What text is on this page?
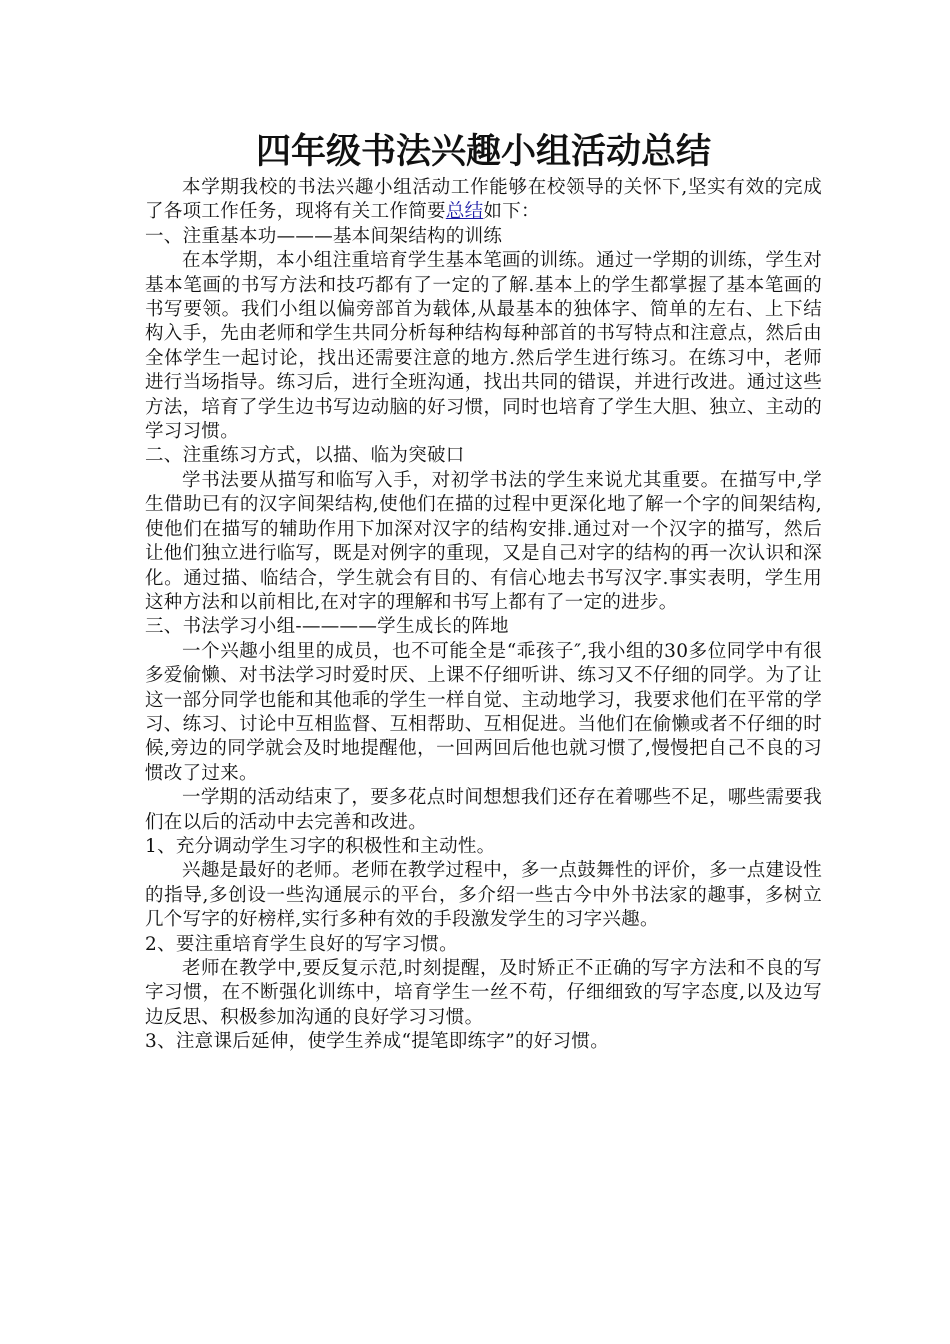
四年级书法兴趣小组活动总结

本学期我校的书法兴趣小组活动工作能够在校领导的关怀下,坚实有效的完成了各项工作任务，现将有关工作简要总结如下：

一、注重基本功———基本间架结构的训练

在本学期，本小组注重培育学生基本笔画的训练。通过一学期的训练，学生对基本笔画的书写方法和技巧都有了一定的了解.基本上的学生都掌握了基本笔画的书写要领。我们小组以偏旁部首为载体,从最基本的独体字、简单的左右、上下结构入手，先由老师和学生共同分析每种结构每种部首的书写特点和注意点，然后由全体学生一起讨论，找出还需要注意的地方.然后学生进行练习。在练习中，老师进行当场指导。练习后，进行全班沟通，找出共同的错误，并进行改进。通过这些方法，培育了学生边书写边动脑的好习惯，同时也培育了学生大胆、独立、主动的学习习惯。

二、注重练习方式，以描、临为突破口

学书法要从描写和临写入手，对初学书法的学生来说尤其重要。在描写中,学生借助已有的汉字间架结构,使他们在描的过程中更深化地了解一个字的间架结构,使他们在描写的辅助作用下加深对汉字的结构安排.通过对一个汉字的描写，然后让他们独立进行临写，既是对例字的重现，又是自己对字的结构的再一次认识和深化。通过描、临结合，学生就会有目的、有信心地去书写汉字.事实表明，学生用这种方法和以前相比,在对字的理解和书写上都有了一定的进步。

三、书法学习小组-————学生成长的阵地

一个兴趣小组里的成员，也不可能全是“乖孩子″,我小组的30多位同学中有很多爱偷懒、对书法学习时爱时厌、上课不仔细听讲、练习又不仔细的同学。为了让这一部分同学也能和其他乖的学生一样自觉、主动地学习，我要求他们在平常的学习、练习、讨论中互相监督、互相帮助、互相促进。当他们在偷懒或者不仔细的时候,旁边的同学就会及时地提醒他，一回两回后他也就习惯了,慢慢把自己不良的习惯改了过来。

一学期的活动结束了，要多花点时间想想我们还存在着哪些不足，哪些需要我们在以后的活动中去完善和改进。

1、充分调动学生习字的积极性和主动性。

兴趣是最好的老师。老师在教学过程中，多一点鼓舞性的评价，多一点建设性的指导,多创设一些沟通展示的平台，多介绍一些古今中外书法家的趣事，多树立几个写字的好榜样,实行多种有效的手段激发学生的习字兴趣。

2、要注重培育学生良好的写字习惯。

老师在教学中,要反复示范,时刻提醒，及时矫正不正确的写字方法和不良的写字习惯，在不断强化训练中，培育学生一丝不苟，仔细细致的写字态度,以及边写边反思、积极参加沟通的良好学习习惯。

3、注意课后延伸，使学生养成“提笔即练字”的好习惯。
